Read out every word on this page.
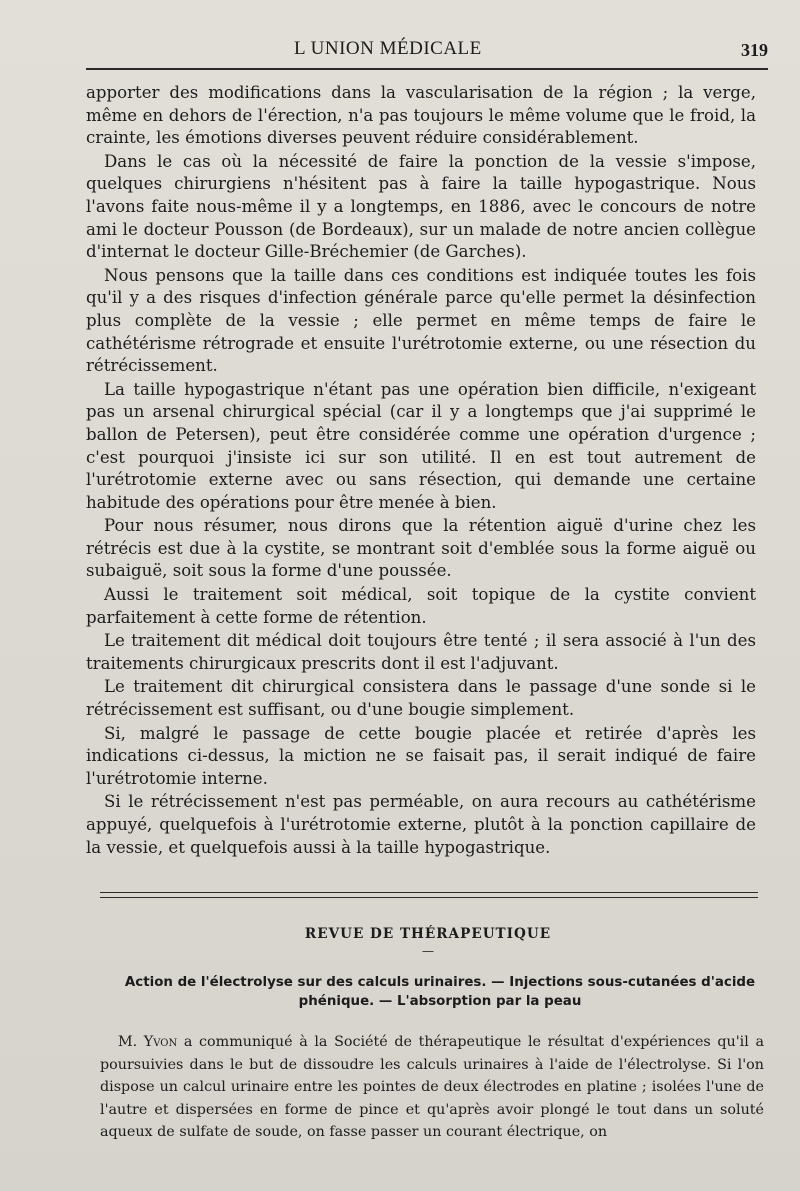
L UNION MÉDICALE	319

apporter des modifications dans la vascularisation de la région ; la verge, même en dehors de l'érection, n'a pas toujours le même volume que le froid, la crainte, les émotions diverses peuvent réduire considérablement.

Dans le cas où la nécessité de faire la ponction de la vessie s'impose, quelques chirurgiens n'hésitent pas à faire la taille hypogastrique. Nous l'avons faite nous-même il y a longtemps, en 1886, avec le concours de notre ami le docteur Pousson (de Bordeaux), sur un malade de notre ancien collègue d'internat le docteur Gille-Bréchemier (de Garches).

Nous pensons que la taille dans ces conditions est indiquée toutes les fois qu'il y a des risques d'infection générale parce qu'elle permet la désinfection plus complète de la vessie ; elle permet en même temps de faire le cathétérisme rétrograde et ensuite l'urétrotomie externe, ou une résection du rétrécissement.

La taille hypogastrique n'étant pas une opération bien difficile, n'exigeant pas un arsenal chirurgical spécial (car il y a longtemps que j'ai supprimé le ballon de Petersen), peut être considérée comme une opération d'urgence ; c'est pourquoi j'insiste ici sur son utilité. Il en est tout autrement de l'urétrotomie externe avec ou sans résection, qui demande une certaine habitude des opérations pour être menée à bien.

Pour nous résumer, nous dirons que la rétention aiguë d'urine chez les rétrécis est due à la cystite, se montrant soit d'emblée sous la forme aiguë ou subaiguë, soit sous la forme d'une poussée.

Aussi le traitement soit médical, soit topique de la cystite convient parfaitement à cette forme de rétention.

Le traitement dit médical doit toujours être tenté ; il sera associé à l'un des traitements chirurgicaux prescrits dont il est l'adjuvant.

Le traitement dit chirurgical consistera dans le passage d'une sonde si le rétrécissement est suffisant, ou d'une bougie simplement.

Si, malgré le passage de cette bougie placée et retirée d'après les indications ci-dessus, la miction ne se faisait pas, il serait indiqué de faire l'urétrotomie interne.

Si le rétrécissement n'est pas perméable, on aura recours au cathétérisme appuyé, quelquefois à l'urétrotomie externe, plutôt à la ponction capillaire de la vessie, et quelquefois aussi à la taille hypogastrique.

REVUE DE THÉRAPEUTIQUE
—
Action de l'électrolyse sur des calculs urinaires. — Injections sous-cutanées d'acide phénique. — L'absorption par la peau

M. Yvon a communiqué à la Société de thérapeutique le résultat d'expériences qu'il a poursuivies dans le but de dissoudre les calculs urinaires à l'aide de l'électrolyse. Si l'on dispose un calcul urinaire entre les pointes de deux électrodes en platine ; isolées l'une de l'autre et dispersées en forme de pince et qu'après avoir plongé le tout dans un soluté aqueux de sulfate de soude, on fasse passer un courant électrique, on
